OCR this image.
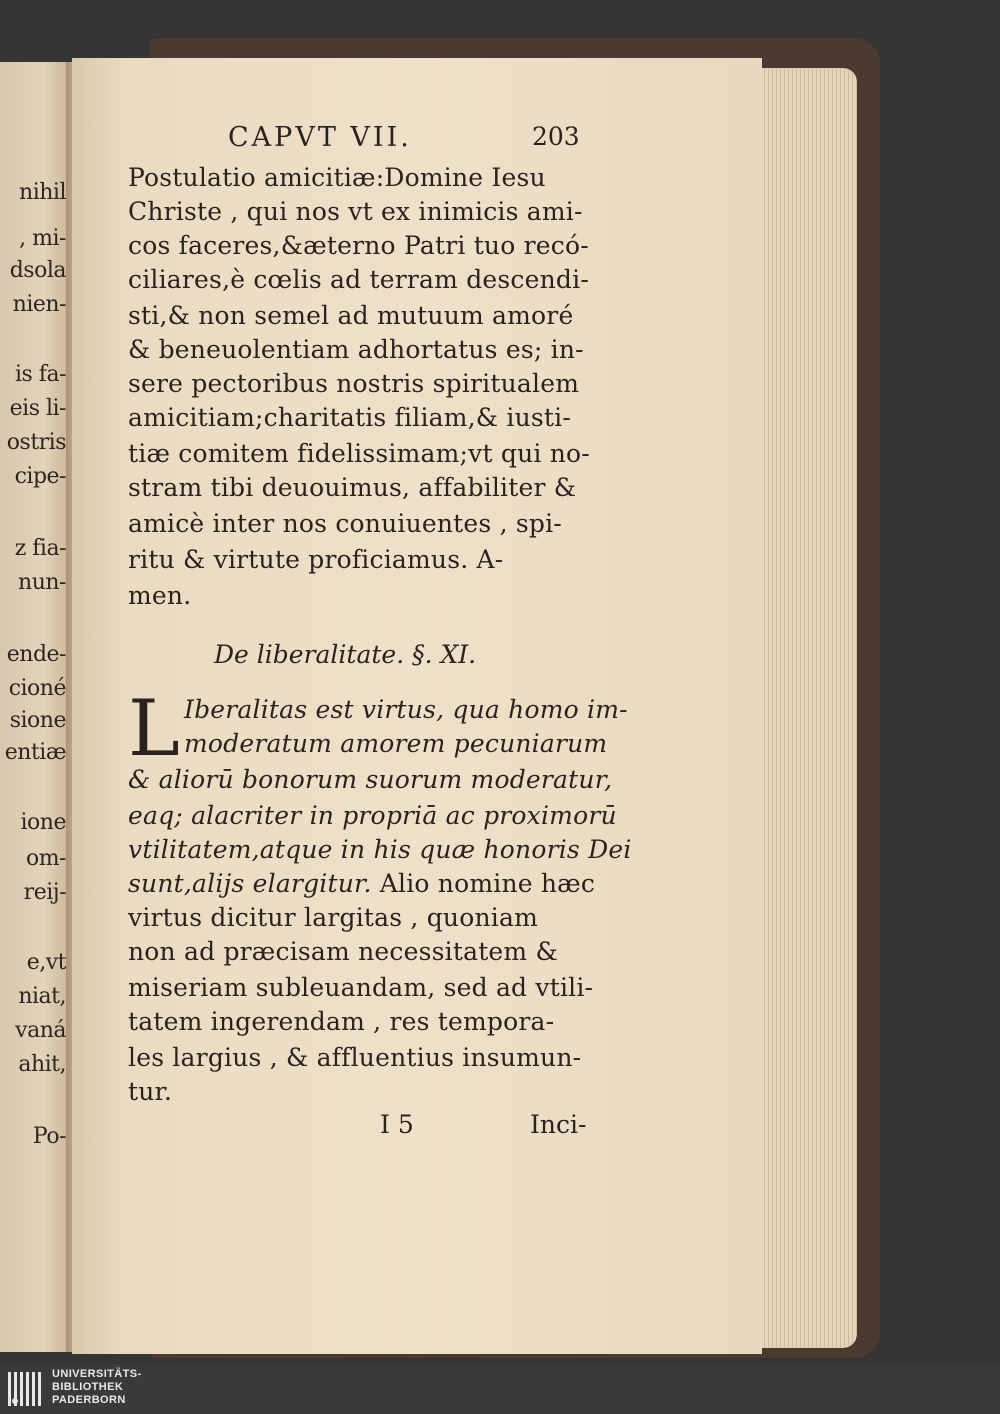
nihil
, mi-
dsola
nien-
is fa-
eis li-
ostris
cipe-
z fia-
nun-
ende-
cioné
sione
entiæ
ione
om-
reij-
e,vt
niat,
vaná
ahit,
Po-
CAPVT VII.	203
Postulatio amicitiæ:Domine Iesu
Christe , qui nos vt ex inimicis ami-
cos faceres,&æterno Patri tuo recó-
ciliares,è cœlis ad terram descendi-
sti,& non semel ad mutuum amoré
& beneuolentiam adhortatus es; in-
sere pectoribus nostris spiritualem
amicitiam;charitatis filiam,& iusti-
tiæ comitem fidelissimam;vt qui no-
stram tibi deuouimus, affabiliter &
amicè inter nos conuiuentes , spi-
ritu & virtute proficiamus. A-
men.
De liberalitate. §. XI.
L Iberalitas est virtus, qua homo im-
moderatum amorem pecuniarum
& aliorū bonorum suorum moderatur,
eaq; alacriter in propriā ac proximorū
vtilitatem,atque in his quæ honoris Dei
sunt,aliјs elargitur. Alio nomine hæc
virtus dicitur largitas , quoniam
non ad præcisam necessitatem &
miseriam subleuandam, sed ad vtili-
tatem ingerendam , res tempora-
les largius , & affluentius insumun-
tur.
I 5	Inci-
UNIVERSITÄTS-
BIBLIOTHEK
PADERBORN
